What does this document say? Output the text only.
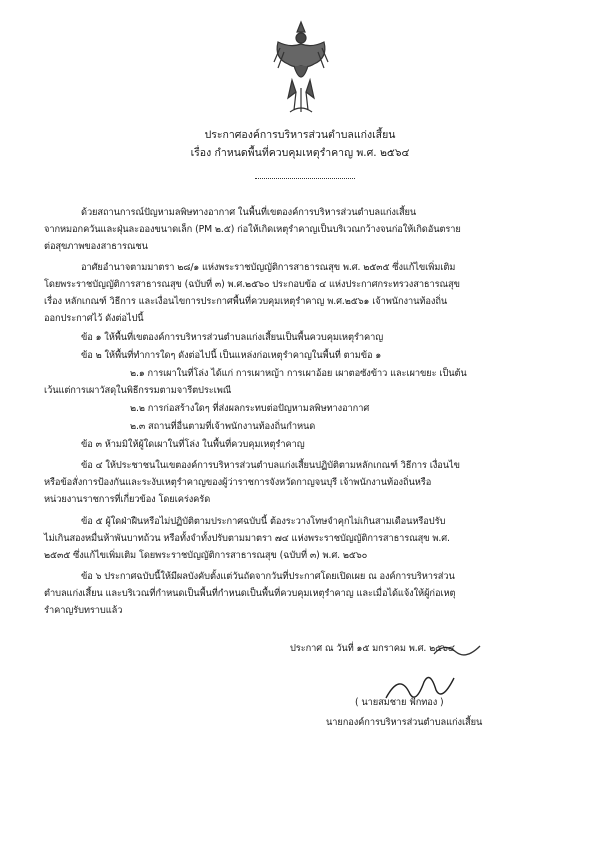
ประกาศองค์การบริหารส่วนตำบลแก่งเสี้ยน
เรื่อง กำหนดพื้นที่ควบคุมเหตุรำคาญ พ.ศ. ๒๕๖๔
ด้วยสถานการณ์ปัญหามลพิษทางอากาศ ในพื้นที่เขตองค์การบริหารส่วนตำบลแก่งเสี้ยน
จากหมอกควันและฝุ่นละอองขนาดเล็ก (PM ๒.๕) ก่อให้เกิดเหตุรำคาญเป็นบริเวณกว้างจนก่อให้เกิดอันตราย
ต่อสุขภาพของสาธารณชน
อาศัยอำนาจตามมาตรา ๒๘/๑ แห่งพระราชบัญญัติการสาธารณสุข พ.ศ. ๒๕๓๕ ซึ่งแก้ไขเพิ่มเติม
โดยพระราชบัญญัติการสาธารณสุข (ฉบับที่ ๓) พ.ศ.๒๕๖๐ ประกอบข้อ ๔ แห่งประกาศกระทรวงสาธารณสุข
เรื่อง หลักเกณฑ์ วิธีการ และเงื่อนไขการประกาศพื้นที่ควบคุมเหตุรำคาญ พ.ศ.๒๕๖๑ เจ้าพนักงานท้องถิ่น
ออกประกาศไว้ ดังต่อไปนี้
ข้อ ๑ ให้พื้นที่เขตองค์การบริหารส่วนตำบลแก่งเสี้ยนเป็นพื้นควบคุมเหตุรำคาญ
ข้อ ๒ ให้พื้นที่ทำการใดๆ ดังต่อไปนี้ เป็นแหล่งก่อเหตุรำคาญในพื้นที่ ตามข้อ ๑
๒.๑ การเผาในที่โล่ง ได้แก่ การเผาหญ้า การเผาอ้อย เผาตอซังข้าว และเผาขยะ เป็นต้น
เว้นแต่การเผาวัสดุในพิธีกรรมตามจารีตประเพณี
๒.๒ การก่อสร้างใดๆ ที่ส่งผลกระทบต่อปัญหามลพิษทางอากาศ
๒.๓ สถานที่อื่นตามที่เจ้าพนักงานท้องถิ่นกำหนด
ข้อ ๓ ห้ามมิให้ผู้ใดเผาในที่โล่ง ในพื้นที่ควบคุมเหตุรำคาญ
ข้อ ๔ ให้ประชาชนในเขตองค์การบริหารส่วนตำบลแก่งเสี้ยนปฏิบัติตามหลักเกณฑ์ วิธีการ เงื่อนไข
หรือข้อสั่งการป้องกันและระงับเหตุรำคาญของผู้ว่าราชการจังหวัดกาญจนบุรี เจ้าพนักงานท้องถิ่นหรือ
หน่วยงานราชการที่เกี่ยวข้อง โดยเคร่งครัด
ข้อ ๕ ผู้ใดฝ่าฝืนหรือไม่ปฏิบัติตามประกาศฉบับนี้ ต้องระวางโทษจำคุกไม่เกินสามเดือนหรือปรับ
ไม่เกินสองหมื่นห้าพันบาทถ้วน หรือทั้งจำทั้งปรับตามมาตรา ๗๔ แห่งพระราชบัญญัติการสาธารณสุข พ.ศ.
๒๕๓๕ ซึ่งแก้ไขเพิ่มเติม โดยพระราชบัญญัติการสาธารณสุข (ฉบับที่ ๓) พ.ศ. ๒๕๖๐
ข้อ ๖ ประกาศฉบับนี้ให้มีผลบังคับตั้งแต่วันถัดจากวันที่ประกาศโดยเปิดเผย ณ องค์การบริหารส่วน
ตำบลแก่งเสี้ยน และบริเวณที่กำหนดเป็นพื้นที่กำหนดเป็นพื้นที่ควบคุมเหตุรำคาญ และเมื่อได้แจ้งให้ผู้ก่อเหตุ
รำคาญรับทราบแล้ว
ประกาศ ณ วันที่ ๑๕ มกราคม พ.ศ. ๒๕๖๔
( นายสมชาย ฟักทอง )
นายกองค์การบริหารส่วนตำบลแก่งเสี้ยน
